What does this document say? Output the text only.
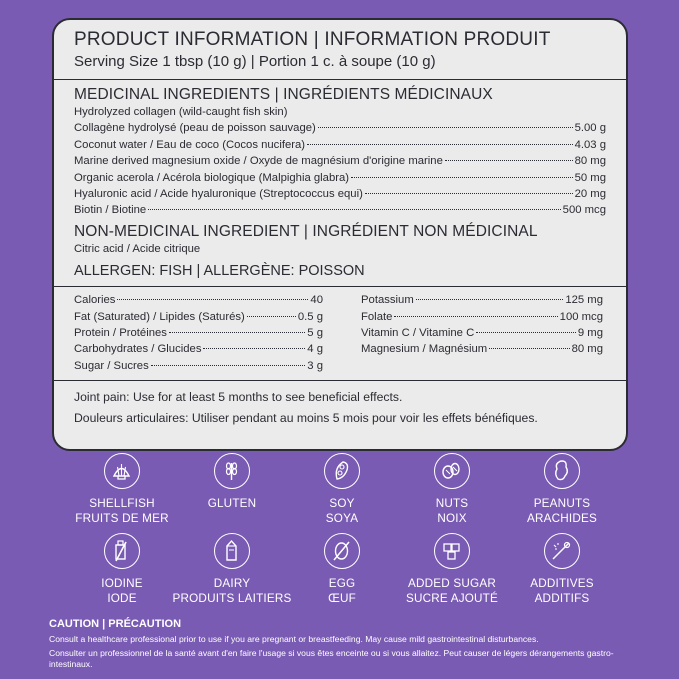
PRODUCT INFORMATION | INFORMATION PRODUIT
Serving Size 1 tbsp (10 g) | Portion 1 c. à soupe (10 g)
MEDICINAL INGREDIENTS | INGRÉDIENTS MÉDICINAUX
Hydrolyzed collagen (wild-caught fish skin)
Collagène hydrolysé (peau de poisson sauvage)	5.00 g
Coconut water / Eau de coco (Cocos nucifera)	4.03 g
Marine derived magnesium oxide / Oxyde de magnésium d'origine marine	80 mg
Organic acerola / Acérola biologique (Malpighia glabra)	50 mg
Hyaluronic acid / Acide hyaluronique (Streptococcus equi)	20 mg
Biotin / Biotine	500 mcg
NON-MEDICINAL INGREDIENT | INGRÉDIENT NON MÉDICINAL
Citric acid / Acide citrique
ALLERGEN: FISH | ALLERGÈNE: POISSON
Calories	40
Fat (Saturated) / Lipides (Saturés)	0.5 g
Protein / Protéines	5 g
Carbohydrates / Glucides	4 g
Sugar / Sucres	3 g
Potassium	125 mg
Folate	100 mcg
Vitamin C / Vitamine C	9 mg
Magnesium / Magnésium	80 mg
Joint pain: Use for at least 5 months to see beneficial effects.
Douleurs articulaires: Utiliser pendant au moins 5 mois pour voir les effets bénéfiques.
SHELLFISH
FRUITS DE MER
GLUTEN	SOY
SOYA
NUTS
NOIX
PEANUTS
ARACHIDES
IODINE
IODE
DAIRY
PRODUITS LAITIERS
EGG
ŒUF
ADDED SUGAR
SUCRE AJOUTÉ
ADDITIVES
ADDITIFS
CAUTION | PRÉCAUTION
Consult a healthcare professional prior to use if you are pregnant or breastfeeding. May cause mild gastrointestinal disturbances.
Consulter un professionnel de la santé avant d'en faire l'usage si vous êtes enceinte ou si vous allaitez. Peut causer de légers dérangements gastro-intestinaux.
